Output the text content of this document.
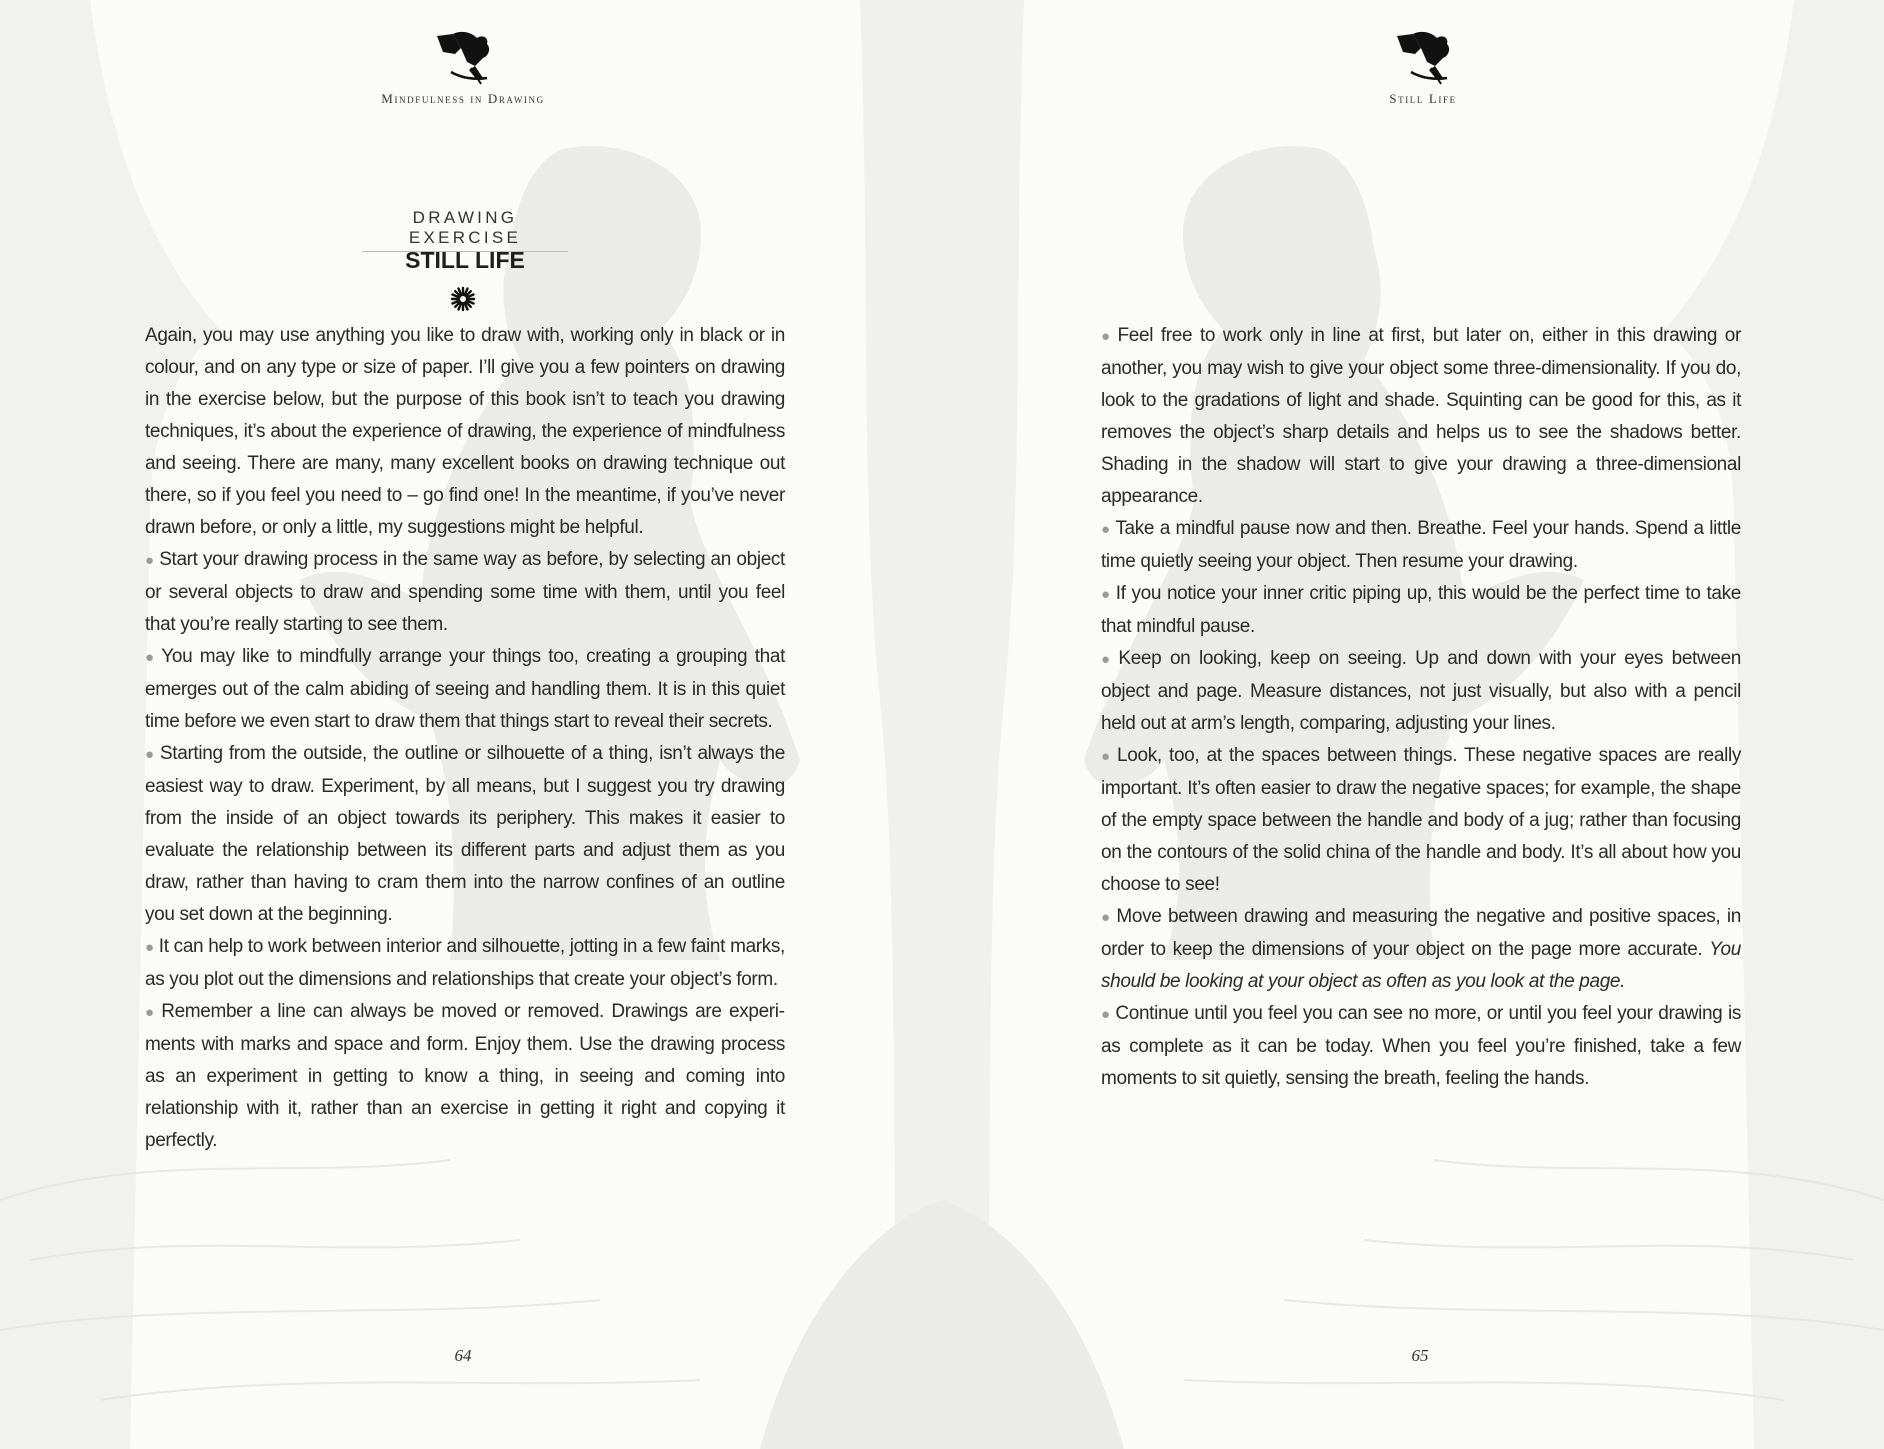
Mindfulness in Drawing
DRAWING EXERCISE
STILL LIFE

Again, you may use anything you like to draw with, working only in black or in colour, and on any type or size of paper. I’ll give you a few pointers on drawing in the exercise below, but the purpose of this book isn’t to teach you drawing techniques, it’s about the experience of drawing, the experience of mindfulness and seeing. There are many, many excellent books on drawing technique out there, so if you feel you need to – go find one! In the meantime, if you’ve never drawn before, or only a little, my suggestions might be helpful.

● Start your drawing process in the same way as before, by selecting an object or several objects to draw and spending some time with them, until you feel that you’re really starting to see them.

● You may like to mindfully arrange your things too, creating a grouping that emerges out of the calm abiding of seeing and handling them. It is in this quiet time before we even start to draw them that things start to reveal their secrets.

● Starting from the outside, the outline or silhouette of a thing, isn’t always the easiest way to draw. Experiment, by all means, but I suggest you try drawing from the inside of an object towards its periphery. This makes it easier to evaluate the relationship between its different parts and adjust them as you draw, rather than having to cram them into the narrow confines of an outline you set down at the beginning.

● It can help to work between interior and silhouette, jotting in a few faint marks, as you plot out the dimensions and relationships that create your object’s form.

● Remember a line can always be moved or removed. Drawings are experiments with marks and space and form. Enjoy them. Use the drawing process as an experiment in getting to know a thing, in seeing and coming into relationship with it, rather than an exercise in getting it right and copying it perfectly.

64
Still Life

● Feel free to work only in line at first, but later on, either in this drawing or another, you may wish to give your object some three-dimensionality. If you do, look to the gradations of light and shade. Squinting can be good for this, as it removes the object’s sharp details and helps us to see the shadows better. Shading in the shadow will start to give your drawing a three-dimensional appearance.

● Take a mindful pause now and then. Breathe. Feel your hands. Spend a little time quietly seeing your object. Then resume your drawing.

● If you notice your inner critic piping up, this would be the perfect time to take that mindful pause.

● Keep on looking, keep on seeing. Up and down with your eyes between object and page. Measure distances, not just visually, but also with a pencil held out at arm’s length, comparing, adjusting your lines.

● Look, too, at the spaces between things. These negative spaces are really important. It’s often easier to draw the negative spaces; for example, the shape of the empty space between the handle and body of a jug; rather than focusing on the contours of the solid china of the handle and body. It’s all about how you choose to see!

● Move between drawing and measuring the negative and positive spaces, in order to keep the dimensions of your object on the page more accurate. You should be looking at your object as often as you look at the page.

● Continue until you feel you can see no more, or until you feel your drawing is as complete as it can be today. When you feel you’re finished, take a few moments to sit quietly, sensing the breath, feeling the hands.

65
